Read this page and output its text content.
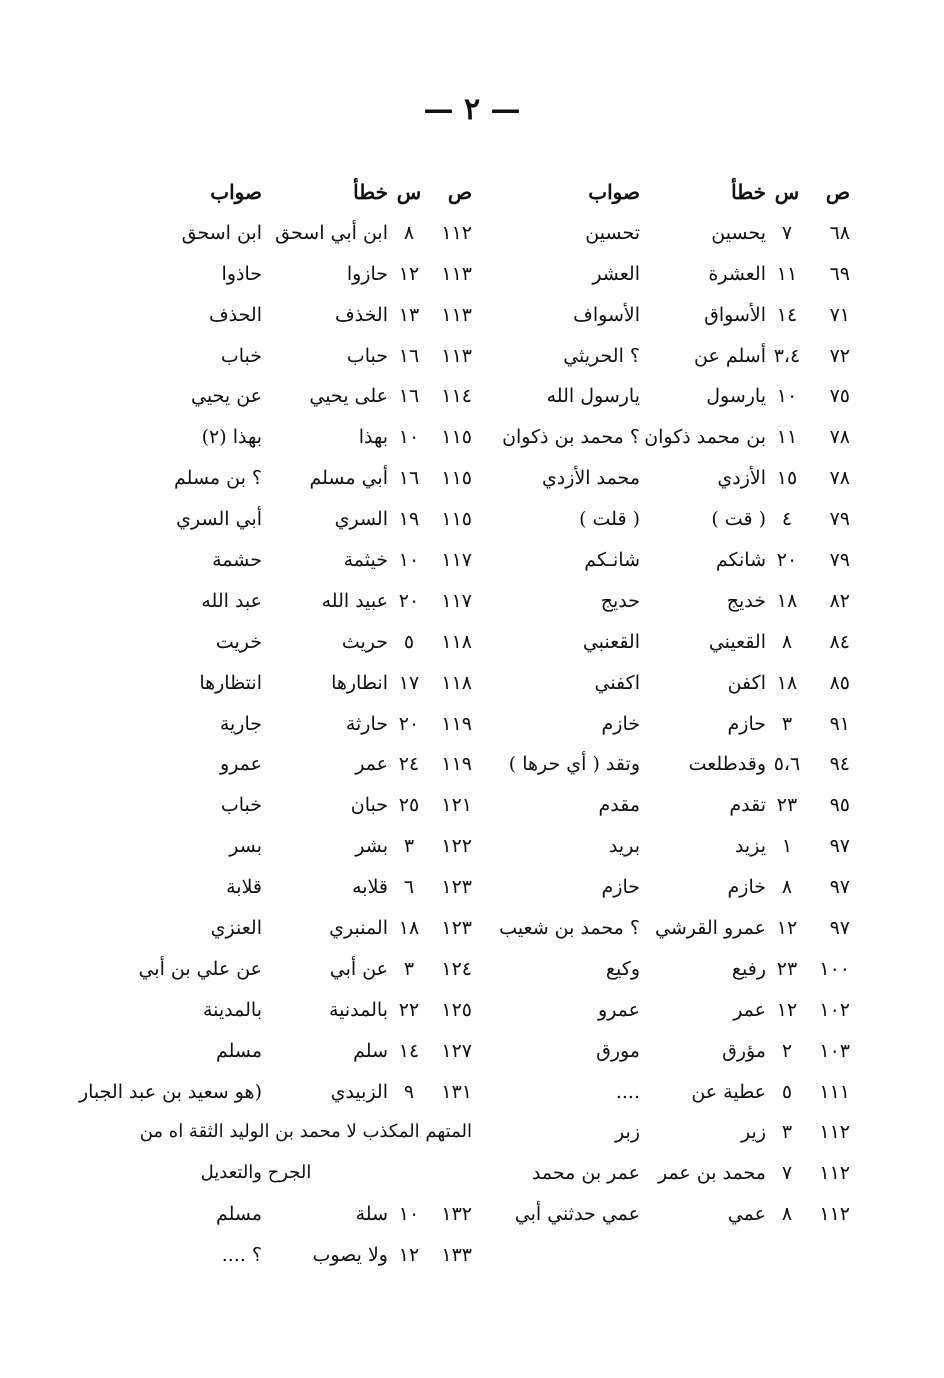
— ٢ —
ص
س
خطأ
صواب
٦٨
٧
يحسين
تحسين
٦٩
١١
العشرة
العشر
٧١
١٤
الأسواق
الأسواف
٧٢
٣،٤
أسلم عن
؟ الحريثي
٧٥
١٠
يارسول
يارسول الله
٧٨
١١
بن محمد ذكوان
؟ محمد بن ذكوان
٧٨
١٥
الأزدي
محمد الأزدي
٧٩
٤
( قت )
( قلت )
٧٩
٢٠
شانكم
شانـكم
٨٢
١٨
خديج
حديج
٨٤
٨
القعيني
القعنبي
٨٥
١٨
اكفن
اكفني
٩١
٣
حازم
خازم
٩٤
٥،٦
وقدطلعت
وتقد ( أي حرها )
٩٥
٢٣
تقدم
مقدم
٩٧
١
يزيد
بريد
٩٧
٨
خازم
حازم
٩٧
١٢
عمرو القرشي
؟ محمد بن شعيب
١٠٠
٢٣
رفيع
وكيع
١٠٢
١٢
عمر
عمرو
١٠٣
٢
مؤرق
مورق
١١١
٥
عطية عن
....
١١٢
٣
زير
زبر
١١٢
٧
محمد بن عمر
عمر بن محمد
١١٢
٨
عمي
عمي حدثني أبي
ص
س
خطأ
صواب
١١٢
٨
ابن أبي اسحق
ابن اسحق
١١٣
١٢
حازوا
حاذوا
١١٣
١٣
الخذف
الحذف
١١٣
١٦
حباب
خباب
١١٤
١٦
على يحيي
عن يحيي
١١٥
١٠
بهذا
بهذا (٢)
١١٥
١٦
أبي مسلم
؟ بن مسلم
١١٥
١٩
السري
أبي السري
١١٧
١٠
خيثمة
حشمة
١١٧
٢٠
عبيد الله
عبد الله
١١٨
٥
حريث
خريت
١١٨
١٧
انطارها
انتظارها
١١٩
٢٠
حارثة
جارية
١١٩
٢٤
عمر
عمرو
١٢١
٢٥
حبان
خباب
١٢٢
٣
بشر
بسر
١٢٣
٦
قلابه
قلابة
١٢٣
١٨
المنبري
العنزي
١٢٤
٣
عن أبي
عن علي بن أبي
١٢٥
٢٢
بالمدنية
بالمدينة
١٢٧
١٤
سلم
مسلم
١٣١
٩
الزبيدي
(هو سعيد بن عبد الجبار
المتهم المكذب لا محمد بن الوليد الثقة اه من
الجرح والتعديل
١٣٢
١٠
سلة
مسلم
١٣٣
١٢
ولا يصوب
؟ ....
